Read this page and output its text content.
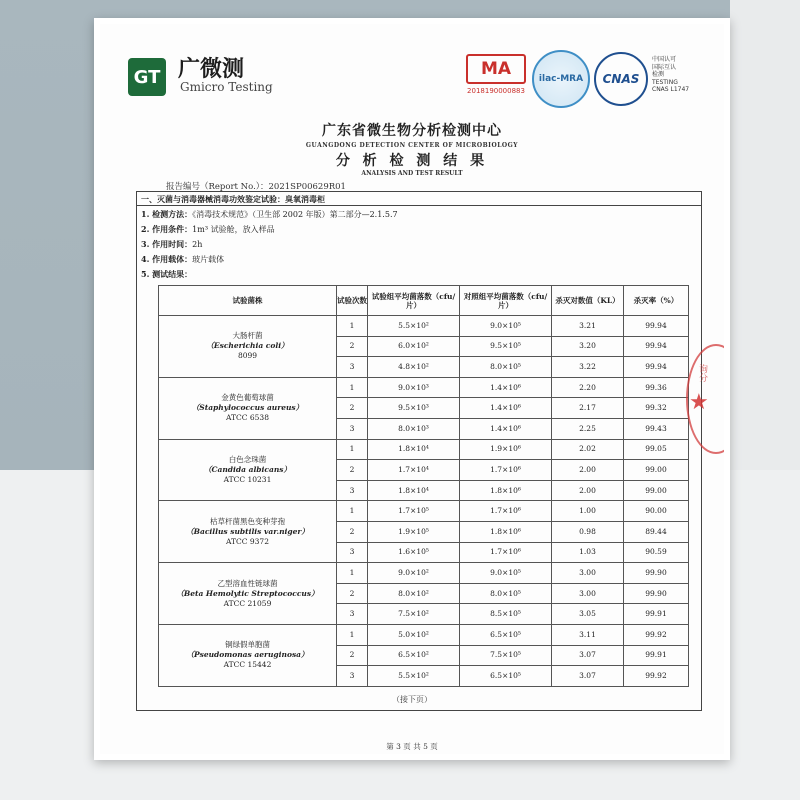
GT 广微测
Gmicro Testing
MA
2018190000883
ilac-MRA	CNAS
中国认可
国际互认
检测
TESTING
CNAS L1747
广东省微生物分析检测中心
GUANGDONG DETECTION CENTER OF MICROBIOLOGY
分 析 检 测 结 果
ANALYSIS AND TEST RESULT
报告编号（Report No.）：2021SP00629R01
一、灭菌与消毒器械消毒功效鉴定试验：臭氧消毒柜
1. 检测方法：《消毒技术规范》（卫生部 2002 年版）第二部分—2.1.5.7
2. 作用条件：1m³ 试验舱，放入样品
3. 作用时间：2h
4. 作用载体：玻片载体
5. 测试结果：
试验菌株	试验次数	试验组平均菌落数（cfu/片）	对照组平均菌落数（cfu/片）	杀灭对数值（KL）	杀灭率（%）

大肠杆菌
（Escherichia coli）
8099	1	5.5×10²	9.0×10⁵	3.21	99.94
	2	6.0×10²	9.5×10⁵	3.20	99.94
	3	4.8×10²	8.0×10⁵	3.22	99.94

金黄色葡萄球菌
（Staphylococcus aureus）
ATCC 6538	1	9.0×10³	1.4×10⁶	2.20	99.36
	2	9.5×10³	1.4×10⁶	2.17	99.32
	3	8.0×10³	1.4×10⁶	2.25	99.43

白色念珠菌
（Candida albicans）
ATCC 10231	1	1.8×10⁴	1.9×10⁶	2.02	99.05
	2	1.7×10⁴	1.7×10⁶	2.00	99.00
	3	1.8×10⁴	1.8×10⁶	2.00	99.00

枯草杆菌黑色变种芽孢
（Bacillus subtilis var.niger）
ATCC 9372	1	1.7×10⁵	1.7×10⁶	1.00	90.00
	2	1.9×10⁵	1.8×10⁶	0.98	89.44
	3	1.6×10⁵	1.7×10⁶	1.03	90.59

乙型溶血性链球菌
（Beta Hemolytic Streptococcus）
ATCC 21059	1	9.0×10²	9.0×10⁵	3.00	99.90
	2	8.0×10²	8.0×10⁵	3.00	99.90
	3	7.5×10²	8.5×10⁵	3.05	99.91

铜绿假单胞菌
（Pseudomonas aeruginosa）
ATCC 15442	1	5.0×10²	6.5×10⁵	3.11	99.92
	2	6.5×10²	7.5×10⁵	3.07	99.91
	3	5.5×10²	6.5×10⁵	3.07	99.92
（接下页）
第 3 页 共 5 页
询分
★
